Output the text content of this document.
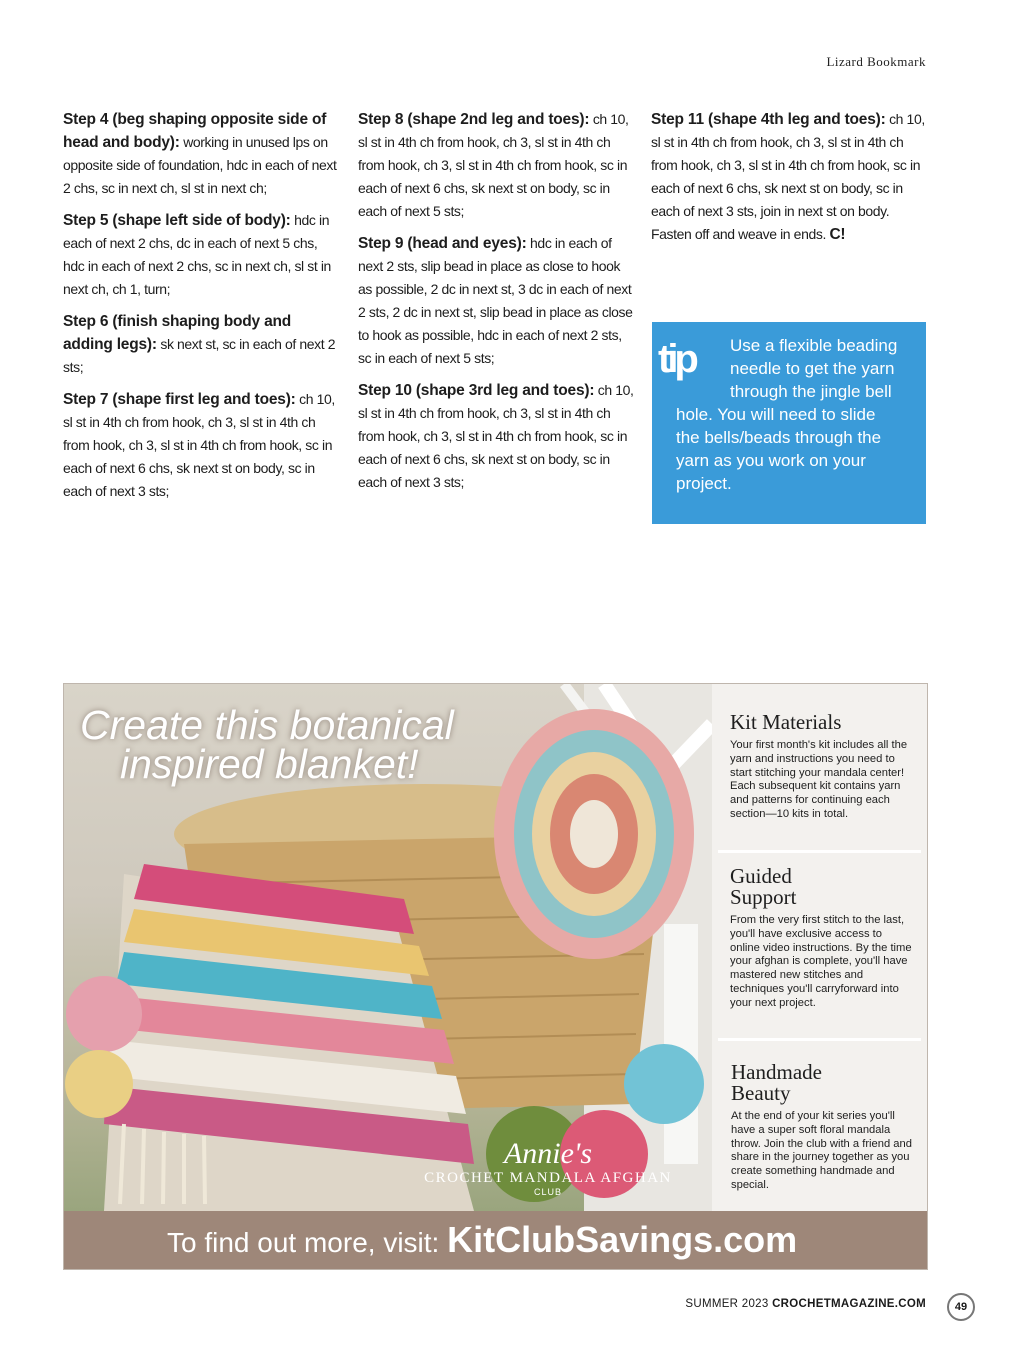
Lizard Bookmark
Step 4 (beg shaping opposite side of head and body): working in unused lps on opposite side of foundation, hdc in each of next 2 chs, sc in next ch, sl st in next ch;
Step 5 (shape left side of body): hdc in each of next 2 chs, dc in each of next 5 chs, hdc in each of next 2 chs, sc in next ch, sl st in next ch, ch 1, turn;
Step 6 (finish shaping body and adding legs): sk next st, sc in each of next 2 sts;
Step 7 (shape first leg and toes): ch 10, sl st in 4th ch from hook, ch 3, sl st in 4th ch from hook, ch 3, sl st in 4th ch from hook, sc in each of next 6 chs, sk next st on body, sc in each of next 3 sts;
Step 8 (shape 2nd leg and toes): ch 10, sl st in 4th ch from hook, ch 3, sl st in 4th ch from hook, ch 3, sl st in 4th ch from hook, sc in each of next 6 chs, sk next st on body, sc in each of next 5 sts;
Step 9 (head and eyes): hdc in each of next 2 sts, slip bead in place as close to hook as possible, 2 dc in next st, 3 dc in each of next 2 sts, 2 dc in next st, slip bead in place as close to hook as possible, hdc in each of next 2 sts, sc in each of next 5 sts;
Step 10 (shape 3rd leg and toes): ch 10, sl st in 4th ch from hook, ch 3, sl st in 4th ch from hook, ch 3, sl st in 4th ch from hook, sc in each of next 6 chs, sk next st on body, sc in each of next 3 sts;
Step 11 (shape 4th leg and toes): ch 10, sl st in 4th ch from hook, ch 3, sl st in 4th ch from hook, ch 3, sl st in 4th ch from hook, sc in each of next 6 chs, sk next st on body, sc in each of next 3 sts, join in next st on body. Fasten off and weave in ends. C!
tip	Use a flexible beading
needle to get the yarn
through the jingle bell
hole. You will need to slide
the bells/beads through the
yarn as you work on your
project.
Create this botanical
inspired blanket!
Annie's
CROCHET MANDALA AFGHAN
CLUB
Kit Materials

Your first month's kit includes all the yarn and instructions you need to start stitching your mandala center! Each subsequent kit contains yarn and patterns for continuing each section—10 kits in total.

Guided
Support

From the very first stitch to the last, you'll have exclusive access to online video instructions. By the time your afghan is complete, you'll have mastered new stitches and techniques you'll carryforward into your next project.

Handmade
Beauty

At the end of your kit series you'll have a super soft floral mandala throw. Join the club with a friend and share in the journey together as you create something handmade and special.

To find out more, visit: KitClubSavings.com
SUMMER 2023 CROCHETMAGAZINE.COM	49
